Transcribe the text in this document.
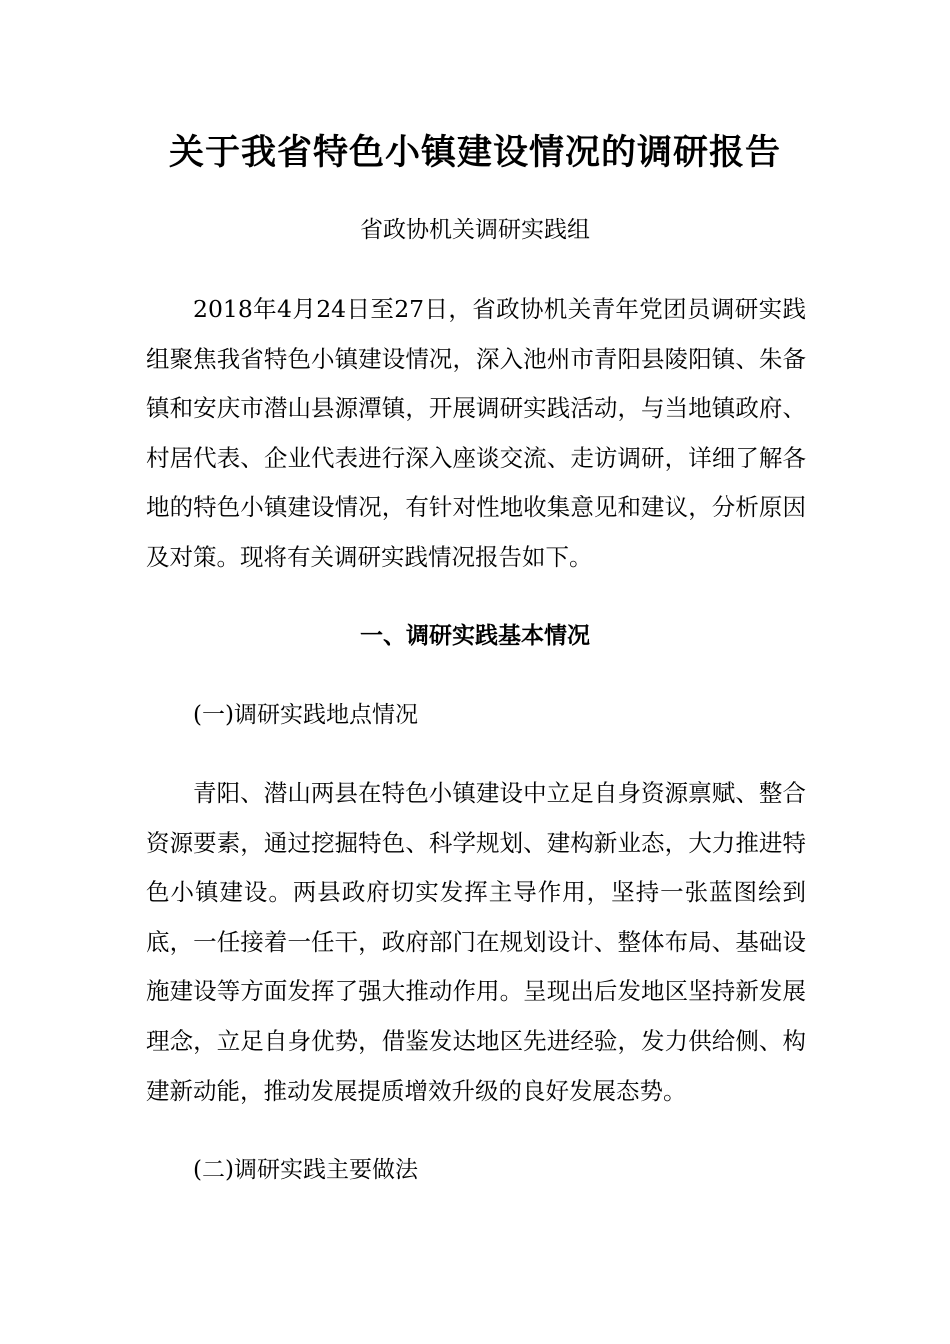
关于我省特色小镇建设情况的调研报告

省政协机关调研实践组

2018年4月24日至27日，省政协机关青年党团员调研实践组聚焦我省特色小镇建设情况，深入池州市青阳县陵阳镇、朱备镇和安庆市潜山县源潭镇，开展调研实践活动，与当地镇政府、村居代表、企业代表进行深入座谈交流、走访调研，详细了解各地的特色小镇建设情况，有针对性地收集意见和建议，分析原因及对策。现将有关调研实践情况报告如下。

一、调研实践基本情况

(一)调研实践地点情况

青阳、潜山两县在特色小镇建设中立足自身资源禀赋、整合资源要素，通过挖掘特色、科学规划、建构新业态，大力推进特色小镇建设。两县政府切实发挥主导作用，坚持一张蓝图绘到底，一任接着一任干，政府部门在规划设计、整体布局、基础设施建设等方面发挥了强大推动作用。呈现出后发地区坚持新发展理念，立足自身优势，借鉴发达地区先进经验，发力供给侧、构建新动能，推动发展提质增效升级的良好发展态势。

(二)调研实践主要做法
